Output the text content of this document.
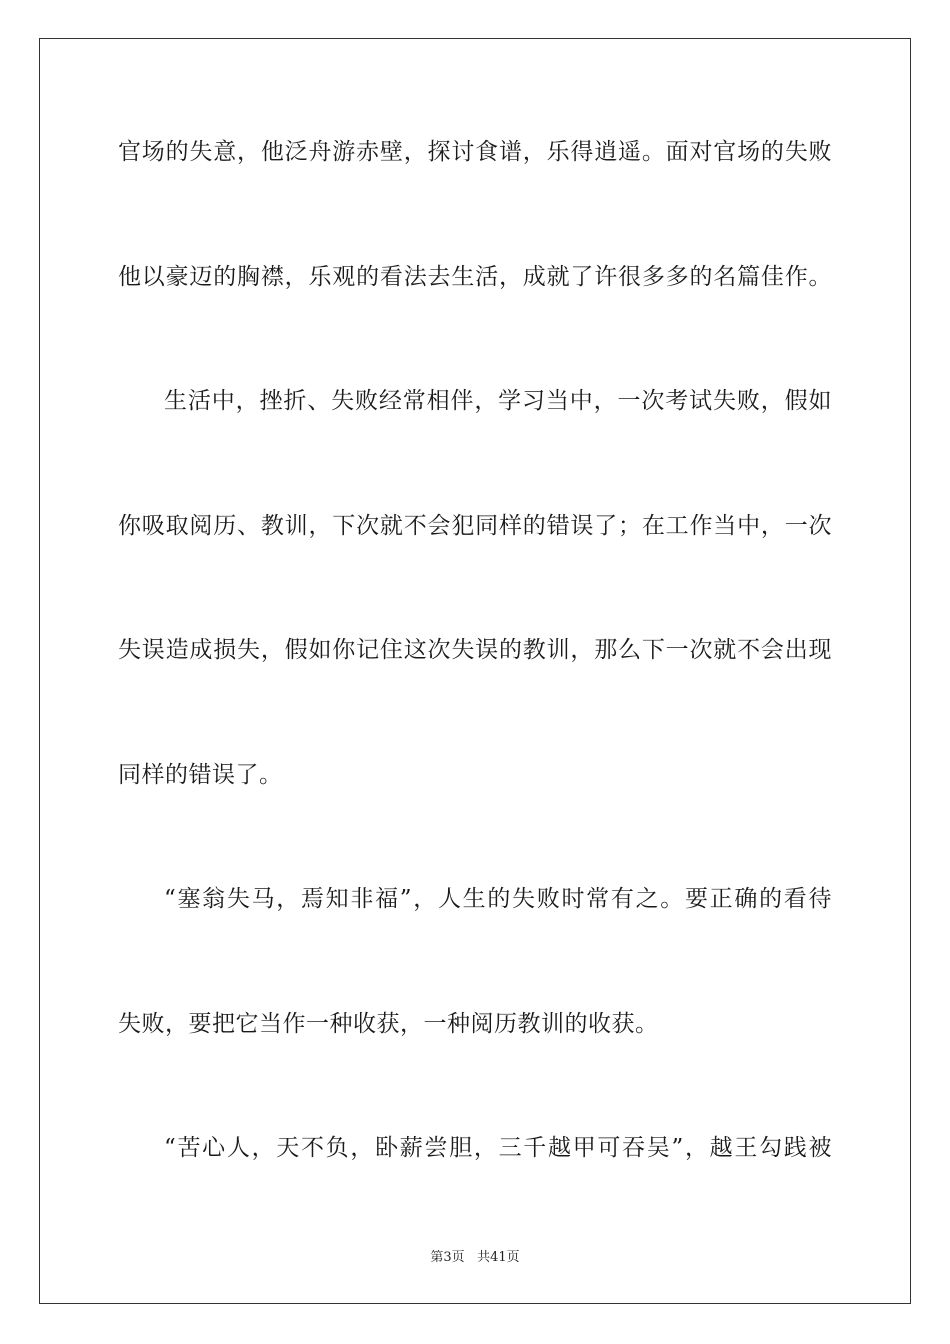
官场的失意，他泛舟游赤壁，探讨食谱，乐得逍遥。面对官场的失败
他以豪迈的胸襟，乐观的看法去生活，成就了许很多多的名篇佳作。
生活中，挫折、失败经常相伴，学习当中，一次考试失败，假如
你吸取阅历、教训，下次就不会犯同样的错误了；在工作当中，一次
失误造成损失，假如你记住这次失误的教训，那么下一次就不会出现
同样的错误了。
“塞翁失马，焉知非福”，人生的失败时常有之。要正确的看待
失败，要把它当作一种收获，一种阅历教训的收获。
“苦心人，天不负，卧薪尝胆，三千越甲可吞吴”，越王勾践被
第3页 共41页
